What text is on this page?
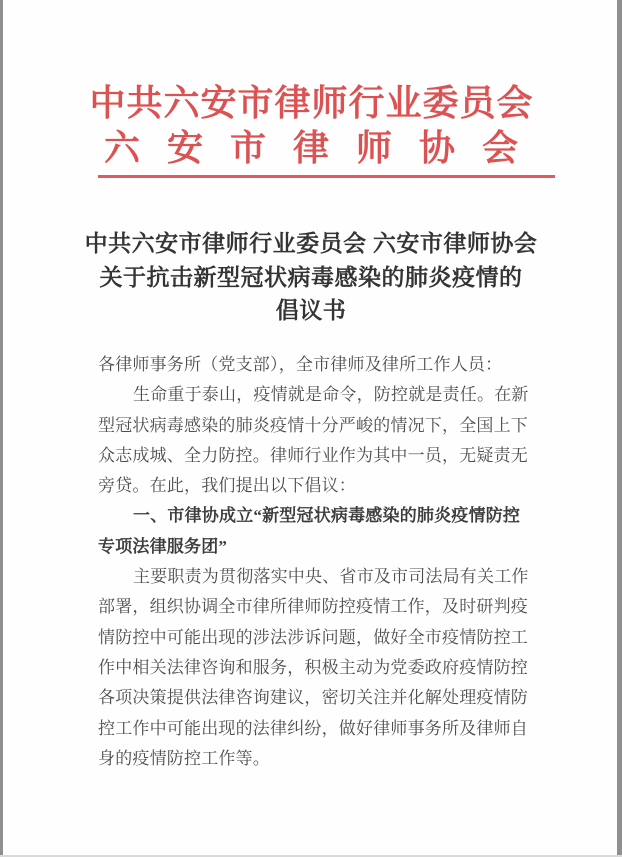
中共六安市律师行业委员会
六安市律师协会
中共六安市律师行业委员会 六安市律师协会
关于抗击新型冠状病毒感染的肺炎疫情的
倡议书
各律师事务所（党支部），全市律师及律所工作人员：
生命重于泰山，疫情就是命令，防控就是责任。在新
型冠状病毒感染的肺炎疫情十分严峻的情况下，全国上下
众志成城、全力防控。律师行业作为其中一员，无疑责无
旁贷。在此，我们提出以下倡议：
一、市律协成立“新型冠状病毒感染的肺炎疫情防控
专项法律服务团”
主要职责为贯彻落实中央、省市及市司法局有关工作
部署，组织协调全市律所律师防控疫情工作，及时研判疫
情防控中可能出现的涉法涉诉问题，做好全市疫情防控工
作中相关法律咨询和服务，积极主动为党委政府疫情防控
各项决策提供法律咨询建议，密切关注并化解处理疫情防
控工作中可能出现的法律纠纷，做好律师事务所及律师自
身的疫情防控工作等。
